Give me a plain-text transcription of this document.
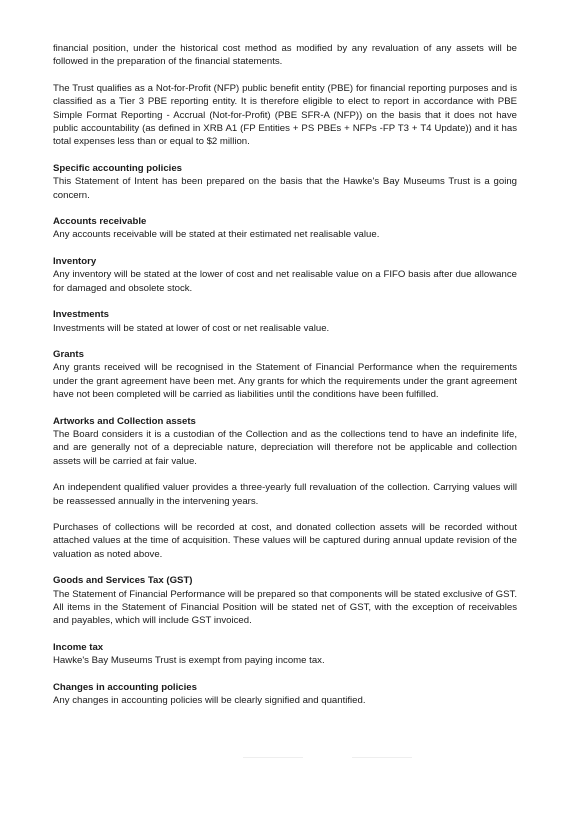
financial position, under the historical cost method as modified by any revaluation of any assets will be followed in the preparation of the financial statements.

The Trust qualifies as a Not-for-Profit (NFP) public benefit entity (PBE) for financial reporting purposes and is classified as a Tier 3 PBE reporting entity. It is therefore eligible to elect to report in accordance with PBE Simple Format Reporting - Accrual (Not-for-Profit) (PBE SFR-A (NFP)) on the basis that it does not have public accountability (as defined in XRB A1 (FP Entities + PS PBEs + NFPs -FP T3 + T4 Update)) and it has total expenses less than or equal to $2 million.

Specific accounting policies

This Statement of Intent has been prepared on the basis that the Hawke's Bay Museums Trust is a going concern.

Accounts receivable

Any accounts receivable will be stated at their estimated net realisable value.

Inventory

Any inventory will be stated at the lower of cost and net realisable value on a FIFO basis after due allowance for damaged and obsolete stock.

Investments

Investments will be stated at lower of cost or net realisable value.

Grants

Any grants received will be recognised in the Statement of Financial Performance when the requirements under the grant agreement have been met. Any grants for which the requirements under the grant agreement have not been completed will be carried as liabilities until the conditions have been fulfilled.

Artworks and Collection assets

The Board considers it is a custodian of the Collection and as the collections tend to have an indefinite life, and are generally not of a depreciable nature, depreciation will therefore not be applicable and collection assets will be carried at fair value.

An independent qualified valuer provides a three-yearly full revaluation of the collection. Carrying values will be reassessed annually in the intervening years.

Purchases of collections will be recorded at cost, and donated collection assets will be recorded without attached values at the time of acquisition. These values will be captured during annual update revision of the valuation as noted above.

Goods and Services Tax (GST)

The Statement of Financial Performance will be prepared so that components will be stated exclusive of GST. All items in the Statement of Financial Position will be stated net of GST, with the exception of receivables and payables, which will include GST invoiced.

Income tax

Hawke's Bay Museums Trust is exempt from paying income tax.

Changes in accounting policies

Any changes in accounting policies will be clearly signified and quantified.
